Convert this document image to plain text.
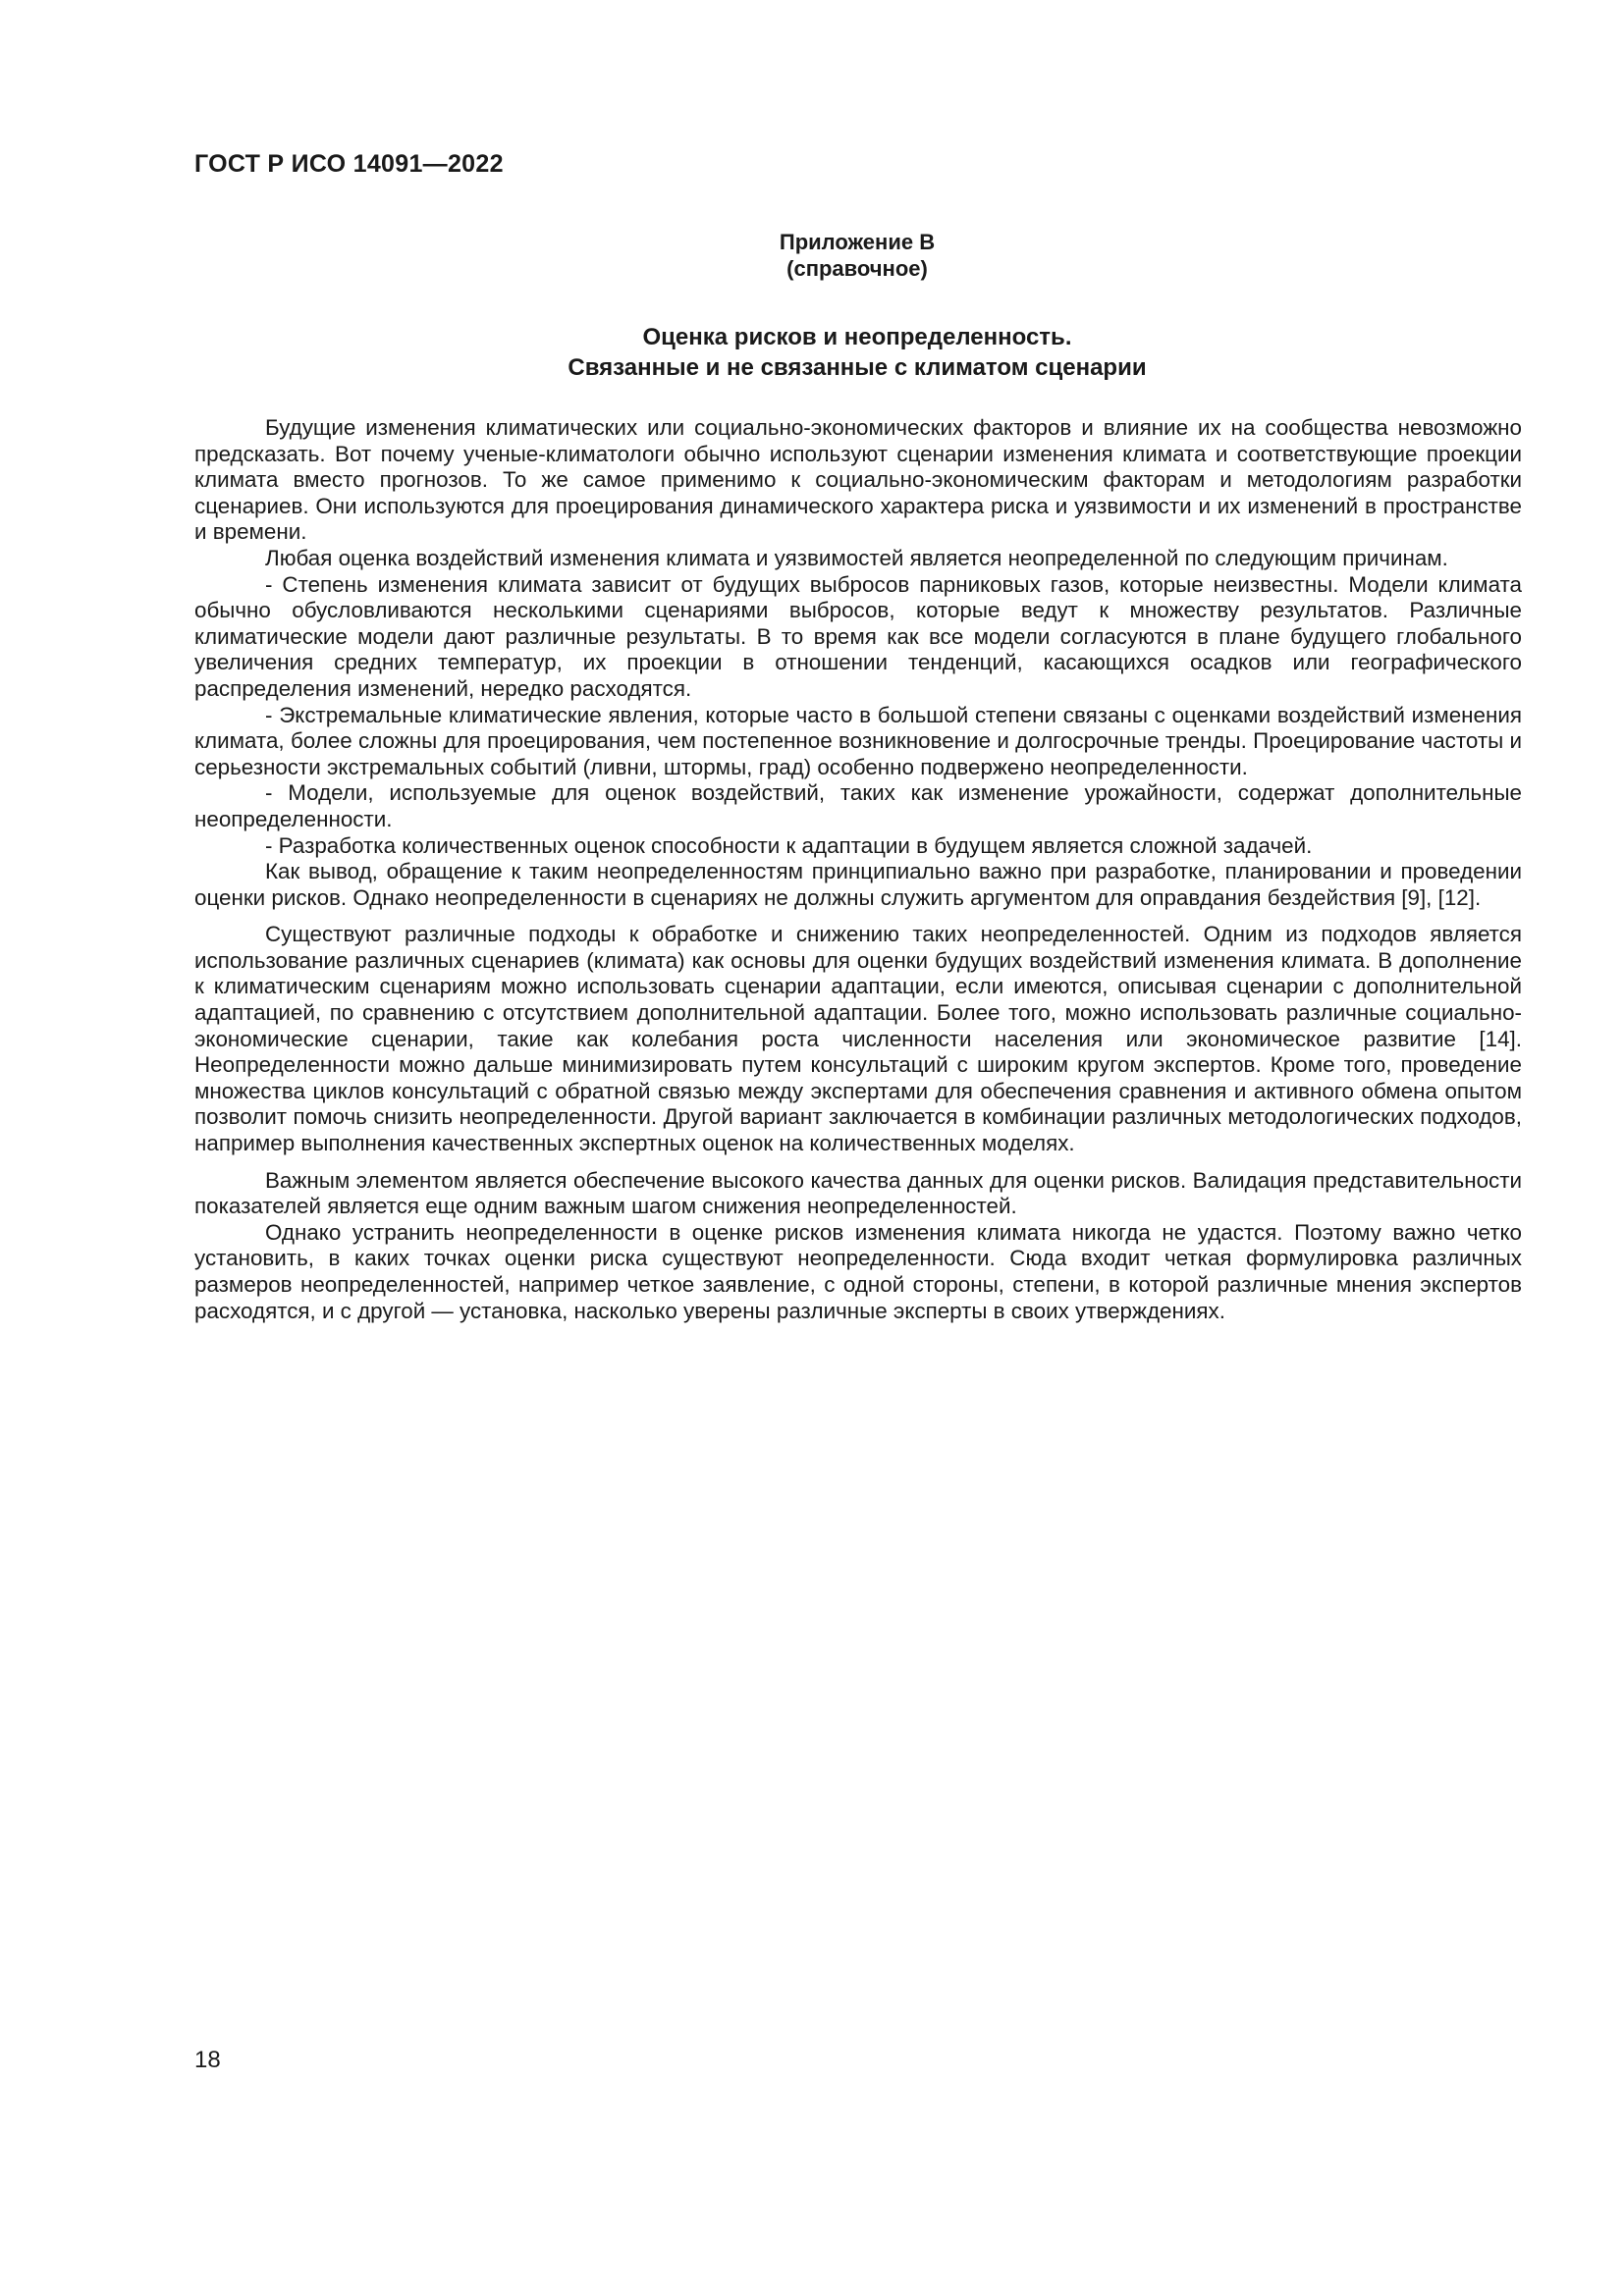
ГОСТ Р ИСО 14091—2022
Приложение В
(справочное)
Оценка рисков и неопределенность.
Связанные и не связанные с климатом сценарии

Будущие изменения климатических или социально-экономических факторов и влияние их на сообщества невозможно предсказать. Вот почему ученые-климатологи обычно используют сценарии изменения климата и соответствующие проекции климата вместо прогнозов. То же самое применимо к социально-экономическим факторам и методологиям разработки сценариев. Они используются для проецирования динамического характера риска и уязвимости и их изменений в пространстве и времени.

Любая оценка воздействий изменения климата и уязвимостей является неопределенной по следующим причинам.

- Степень изменения климата зависит от будущих выбросов парниковых газов, которые неизвестны. Модели климата обычно обусловливаются несколькими сценариями выбросов, которые ведут к множеству результатов. Различные климатические модели дают различные результаты. В то время как все модели согласуются в плане будущего глобального увеличения средних температур, их проекции в отношении тенденций, касающихся осадков или географического распределения изменений, нередко расходятся.

- Экстремальные климатические явления, которые часто в большой степени связаны с оценками воздействий изменения климата, более сложны для проецирования, чем постепенное возникновение и долгосрочные тренды. Проецирование частоты и серьезности экстремальных событий (ливни, штормы, град) особенно подвержено неопределенности.

- Модели, используемые для оценок воздействий, таких как изменение урожайности, содержат дополнительные неопределенности.

- Разработка количественных оценок способности к адаптации в будущем является сложной задачей.

Как вывод, обращение к таким неопределенностям принципиально важно при разработке, планировании и проведении оценки рисков. Однако неопределенности в сценариях не должны служить аргументом для оправдания бездействия [9], [12].

Существуют различные подходы к обработке и снижению таких неопределенностей. Одним из подходов является использование различных сценариев (климата) как основы для оценки будущих воздействий изменения климата. В дополнение к климатическим сценариям можно использовать сценарии адаптации, если имеются, описывая сценарии с дополнительной адаптацией, по сравнению с отсутствием дополнительной адаптации. Более того, можно использовать различные социально-экономические сценарии, такие как колебания роста численности населения или экономическое развитие [14]. Неопределенности можно дальше минимизировать путем консультаций с широким кругом экспертов. Кроме того, проведение множества циклов консультаций с обратной связью между экспертами для обеспечения сравнения и активного обмена опытом позволит помочь снизить неопределенности. Другой вариант заключается в комбинации различных методологических подходов, например выполнения качественных экспертных оценок на количественных моделях.

Важным элементом является обеспечение высокого качества данных для оценки рисков. Валидация представительности показателей является еще одним важным шагом снижения неопределенностей.

Однако устранить неопределенности в оценке рисков изменения климата никогда не удастся. Поэтому важно четко установить, в каких точках оценки риска существуют неопределенности. Сюда входит четкая формулировка различных размеров неопределенностей, например четкое заявление, с одной стороны, степени, в которой различные мнения экспертов расходятся, и с другой — установка, насколько уверены различные эксперты в своих утверждениях.

18
